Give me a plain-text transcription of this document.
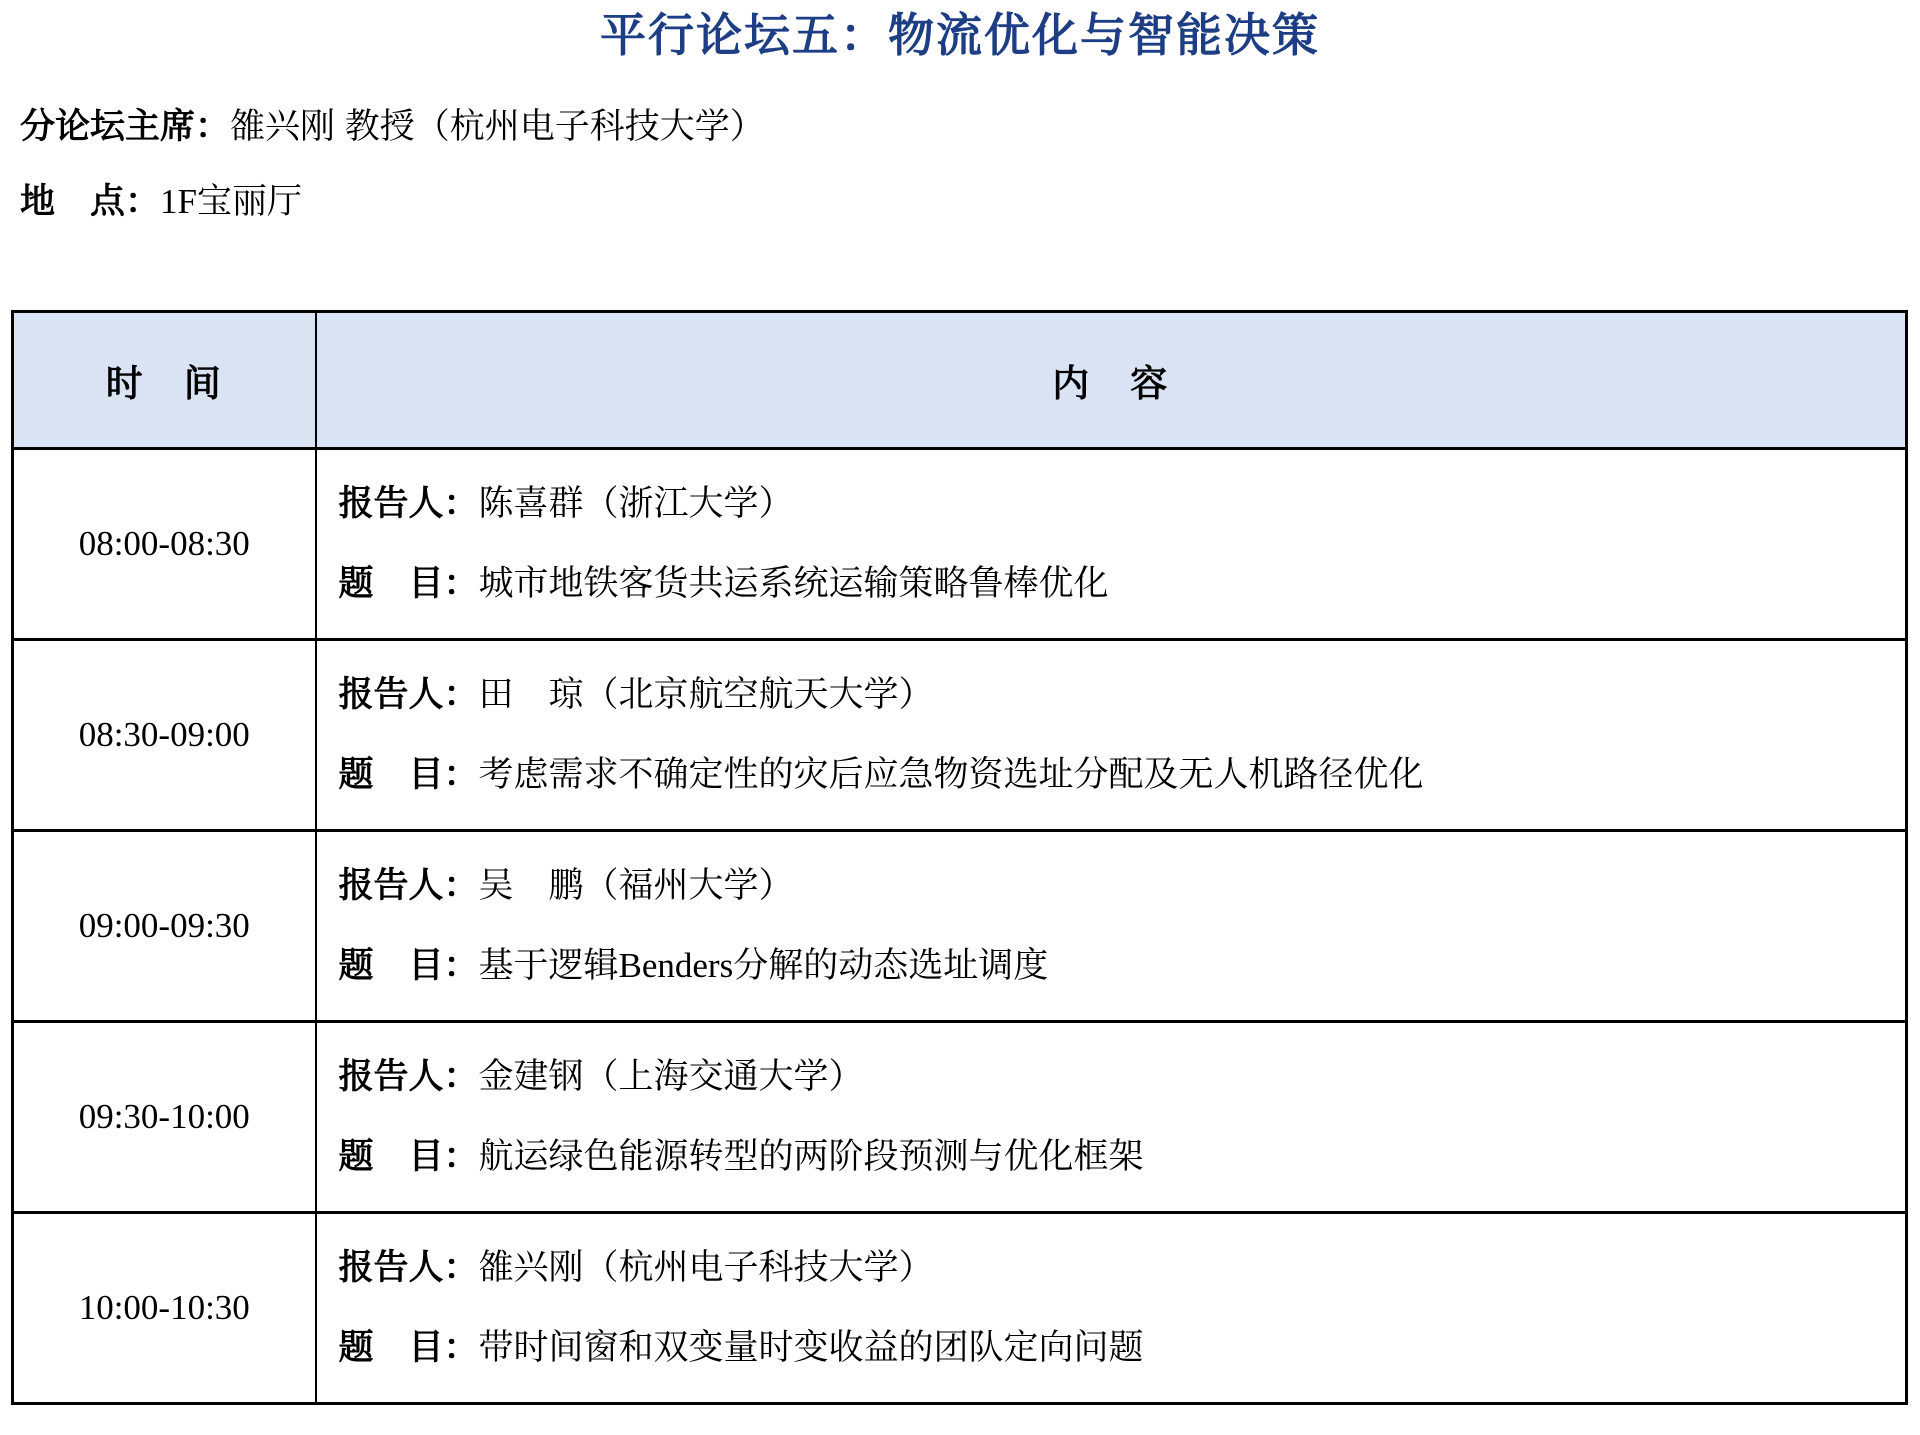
平行论坛五：物流优化与智能决策
分论坛主席：雒兴刚 教授（杭州电子科技大学）
地　点：1F宝丽厅
时　间	内　容
08:00-08:30	报告人：陈喜群（浙江大学）
题　目：城市地铁客货共运系统运输策略鲁棒优化

08:30-09:00	报告人：田　琼（北京航空航天大学）
题　目：考虑需求不确定性的灾后应急物资选址分配及无人机路径优化

09:00-09:30	报告人：吴　鹏（福州大学）
题　目：基于逻辑Benders分解的动态选址调度

09:30-10:00	报告人：金建钢（上海交通大学）
题　目：航运绿色能源转型的两阶段预测与优化框架

10:00-10:30	报告人：雒兴刚（杭州电子科技大学）
题　目：带时间窗和双变量时变收益的团队定向问题
